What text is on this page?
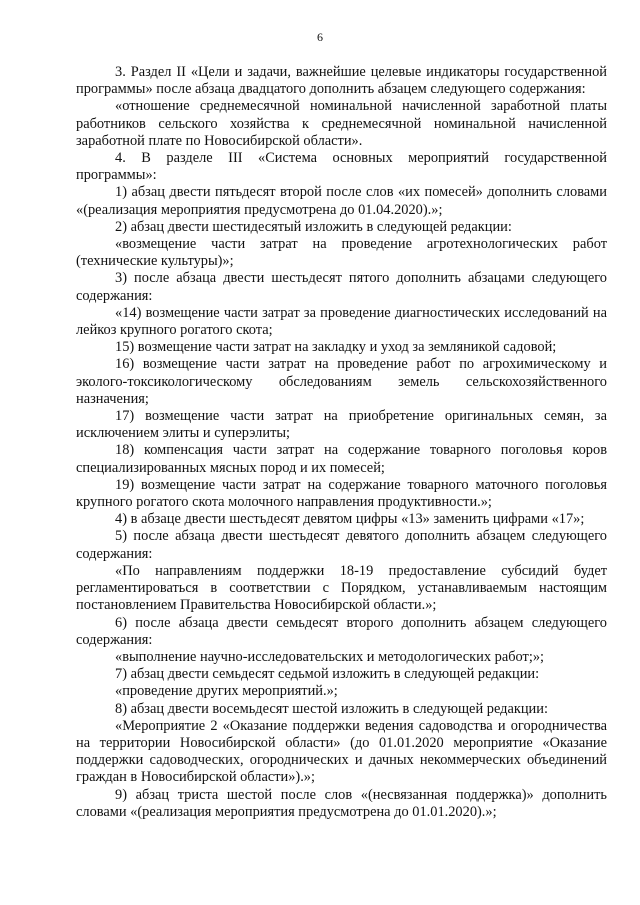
6

3. Раздел II «Цели и задачи, важнейшие целевые индикаторы государственной программы» после абзаца двадцатого дополнить абзацем следующего содержания:

«отношение среднемесячной номинальной начисленной заработной платы работников сельского хозяйства к среднемесячной номинальной начисленной заработной плате по Новосибирской области».

4. В разделе III «Система основных мероприятий государственной программы»:

1) абзац двести пятьдесят второй после слов «их помесей» дополнить словами «(реализация мероприятия предусмотрена до 01.04.2020).»;

2) абзац двести шестидесятый изложить в следующей редакции:

«возмещение части затрат на проведение агротехнологических работ (технические культуры)»;

3) после абзаца двести шестьдесят пятого дополнить абзацами следующего содержания:

«14) возмещение части затрат за проведение диагностических исследований на лейкоз крупного рогатого скота;

15) возмещение части затрат на закладку и уход за земляникой садовой;

16) возмещение части затрат на проведение работ по агрохимическому и эколого-токсикологическому обследованиям земель сельскохозяйственного назначения;

17) возмещение части затрат на приобретение оригинальных семян, за исключением элиты и суперэлиты;

18) компенсация части затрат на содержание товарного поголовья коров специализированных мясных пород и их помесей;

19) возмещение части затрат на содержание товарного маточного поголовья крупного рогатого скота молочного направления продуктивности.»;

4) в абзаце двести шестьдесят девятом цифры «13» заменить цифрами «17»;

5) после абзаца двести шестьдесят девятого дополнить абзацем следующего содержания:

«По направлениям поддержки 18-19 предоставление субсидий будет регламентироваться в соответствии с Порядком, устанавливаемым настоящим постановлением Правительства Новосибирской области.»;

6) после абзаца двести семьдесят второго дополнить абзацем следующего содержания:

«выполнение научно-исследовательских и методологических работ;»;

7) абзац двести семьдесят седьмой изложить в следующей редакции:

«проведение других мероприятий.»;

8) абзац двести восемьдесят шестой изложить в следующей редакции:

«Мероприятие 2 «Оказание поддержки ведения садоводства и огородничества на территории Новосибирской области» (до 01.01.2020 мероприятие «Оказание поддержки садоводческих, огороднических и дачных некоммерческих объединений граждан в Новосибирской области»).»;

9) абзац триста шестой после слов «(несвязанная поддержка)» дополнить словами «(реализация мероприятия предусмотрена до 01.01.2020).»;
